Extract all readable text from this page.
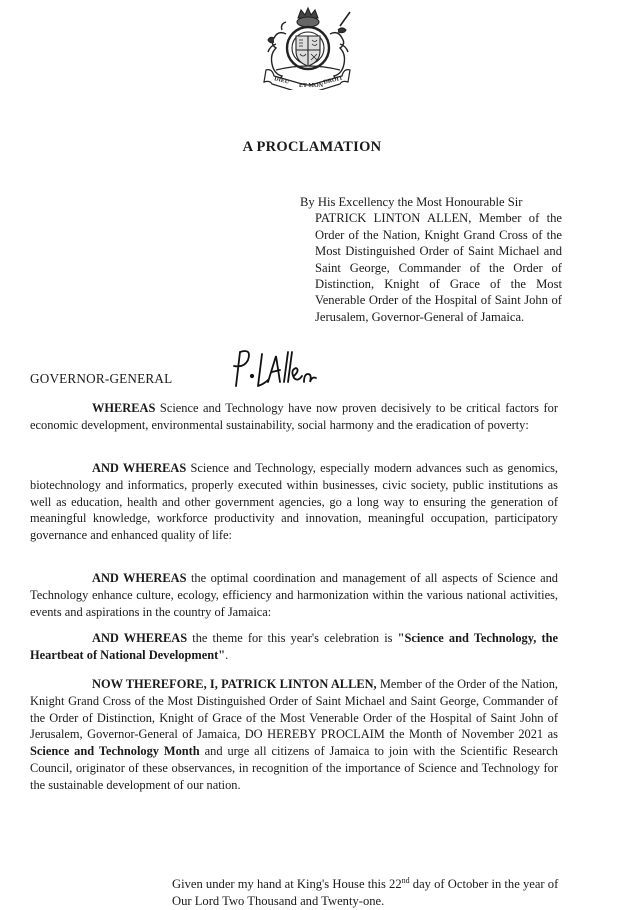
DIEU
ET MON
DROIT
A PROCLAMATION
By His Excellency the Most Honourable Sir
PATRICK LINTON ALLEN, Member of the Order of the Nation, Knight Grand Cross of the Most Distinguished Order of Saint Michael and Saint George, Commander of the Order of Distinction, Knight of Grace of the Most Venerable Order of the Hospital of Saint John of Jerusalem, Governor-General of Jamaica.
GOVERNOR-GENERAL

WHEREAS Science and Technology have now proven decisively to be critical factors for economic development, environmental sustainability, social harmony and the eradication of poverty:

AND WHEREAS Science and Technology, especially modern advances such as genomics, biotechnology and informatics, properly executed within businesses, civic society, public institutions as well as education, health and other government agencies, go a long way to ensuring the generation of meaningful knowledge, workforce productivity and innovation, meaningful occupation, participatory governance and enhanced quality of life:

AND WHEREAS the optimal coordination and management of all aspects of Science and Technology enhance culture, ecology, efficiency and harmonization within the various national activities, events and aspirations in the country of Jamaica:

AND WHEREAS the theme for this year's celebration is "Science and Technology, the Heartbeat of National Development".

NOW THEREFORE, I, PATRICK LINTON ALLEN, Member of the Order of the Nation, Knight Grand Cross of the Most Distinguished Order of Saint Michael and Saint George, Commander of the Order of Distinction, Knight of Grace of the Most Venerable Order of the Hospital of Saint John of Jerusalem, Governor-General of Jamaica, DO HEREBY PROCLAIM the Month of November 2021 as Science and Technology Month and urge all citizens of Jamaica to join with the Scientific Research Council, originator of these observances, in recognition of the importance of Science and Technology for the sustainable development of our nation.

Given under my hand at King's House this 22nd day of October in the year of Our Lord Two Thousand and Twenty-one.
